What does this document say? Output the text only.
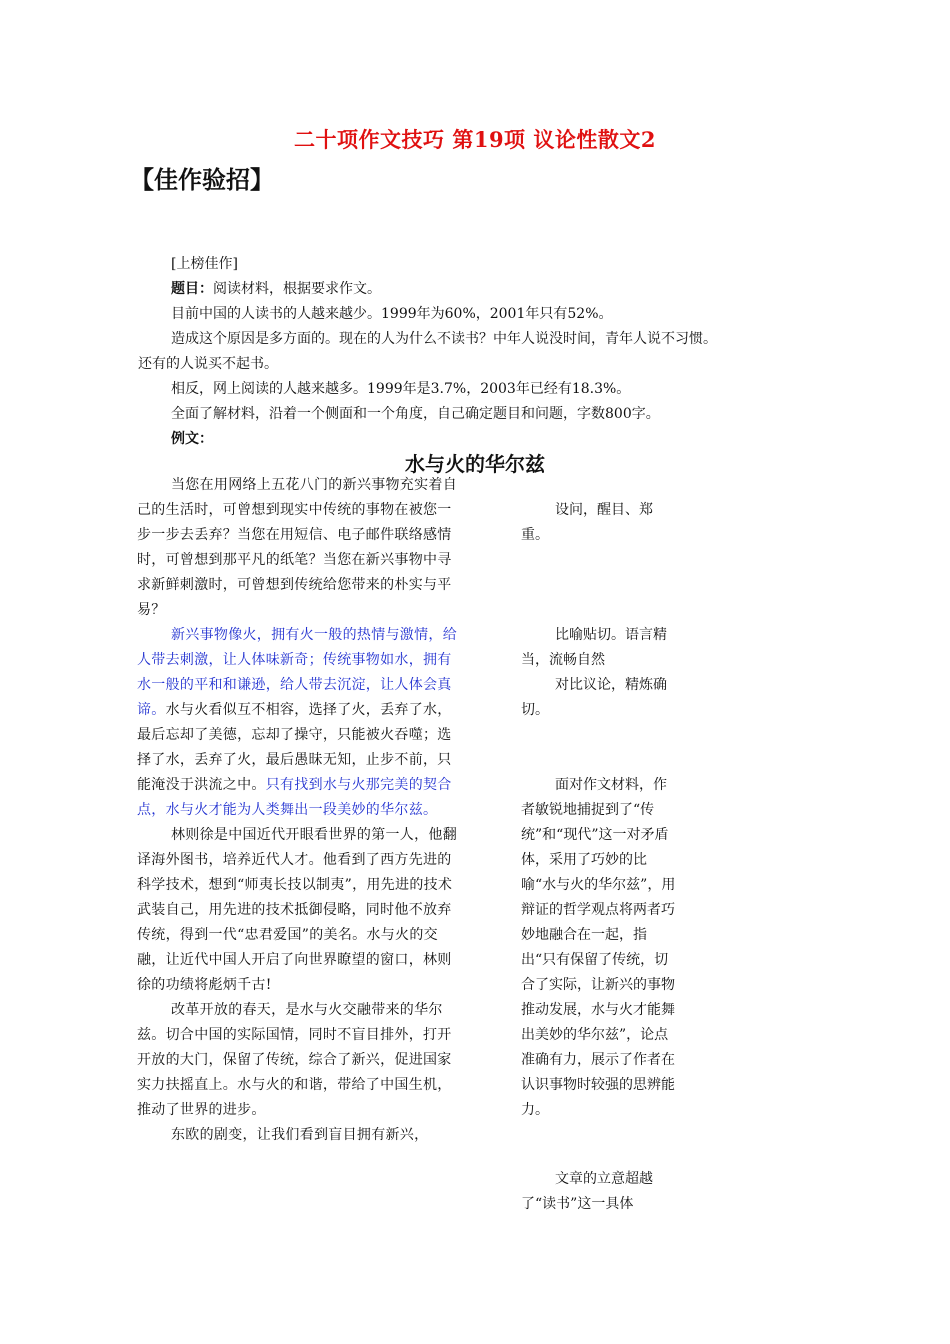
二十项作文技巧 第19项 议论性散文2
【佳作验招】

[上榜佳作]

题目：阅读材料，根据要求作文。

目前中国的人读书的人越来越少。1999年为60%，2001年只有52%。

造成这个原因是多方面的。现在的人为什么不读书？中年人说没时间，青年人说不习惯。

还有的人说买不起书。

相反，网上阅读的人越来越多。1999年是3.7%，2003年已经有18.3%。

全面了解材料，沿着一个侧面和一个角度，自己确定题目和问题，字数800字。

例文：

水与火的华尔兹

当您在用网络上五花八门的新兴事物充实着自己的生活时，可曾想到现实中传统的事物在被您一步一步去丢弃？当您在用短信、电子邮件联络感情时，可曾想到那平凡的纸笔？当您在新兴事物中寻求新鲜刺激时，可曾想到传统给您带来的朴实与平易？

新兴事物像火，拥有火一般的热情与激情，给人带去刺激，让人体味新奇；传统事物如水，拥有水一般的平和和谦逊，给人带去沉淀，让人体会真谛。水与火看似互不相容，选择了火，丢弃了水，最后忘却了美德，忘却了操守，只能被火吞噬；选择了水，丢弃了火，最后愚昧无知，止步不前，只能淹没于洪流之中。只有找到水与火那完美的契合点，水与火才能为人类舞出一段美妙的华尔兹。

林则徐是中国近代开眼看世界的第一人，他翻译海外图书，培养近代人才。他看到了西方先进的科学技术，想到“师夷长技以制夷”，用先进的技术武装自己，用先进的技术抵御侵略，同时他不放弃传统，得到一代“忠君爱国”的美名。水与火的交融，让近代中国人开启了向世界瞭望的窗口，林则徐的功绩将彪炳千古!

改革开放的春天，是水与火交融带来的华尔兹。切合中国的实际国情，同时不盲目排外，打开开放的大门，保留了传统，综合了新兴，促进国家实力扶摇直上。水与火的和谐，带给了中国生机，推动了世界的进步。

东欧的剧变，让我们看到盲目拥有新兴，

设问，醒目、郑重。

比喻贴切。语言精当，流畅自然

对比议论，精炼确切。

面对作文材料，作者敏锐地捕捉到了“传统”和“现代”这一对矛盾体，采用了巧妙的比喻“水与火的华尔兹”，用辩证的哲学观点将两者巧妙地融合在一起，指出“只有保留了传统，切合了实际，让新兴的事物推动发展，水与火才能舞出美妙的华尔兹”，论点准确有力，展示了作者在认识事物时较强的思辨能力。

文章的立意超越了“读书”这一具体
